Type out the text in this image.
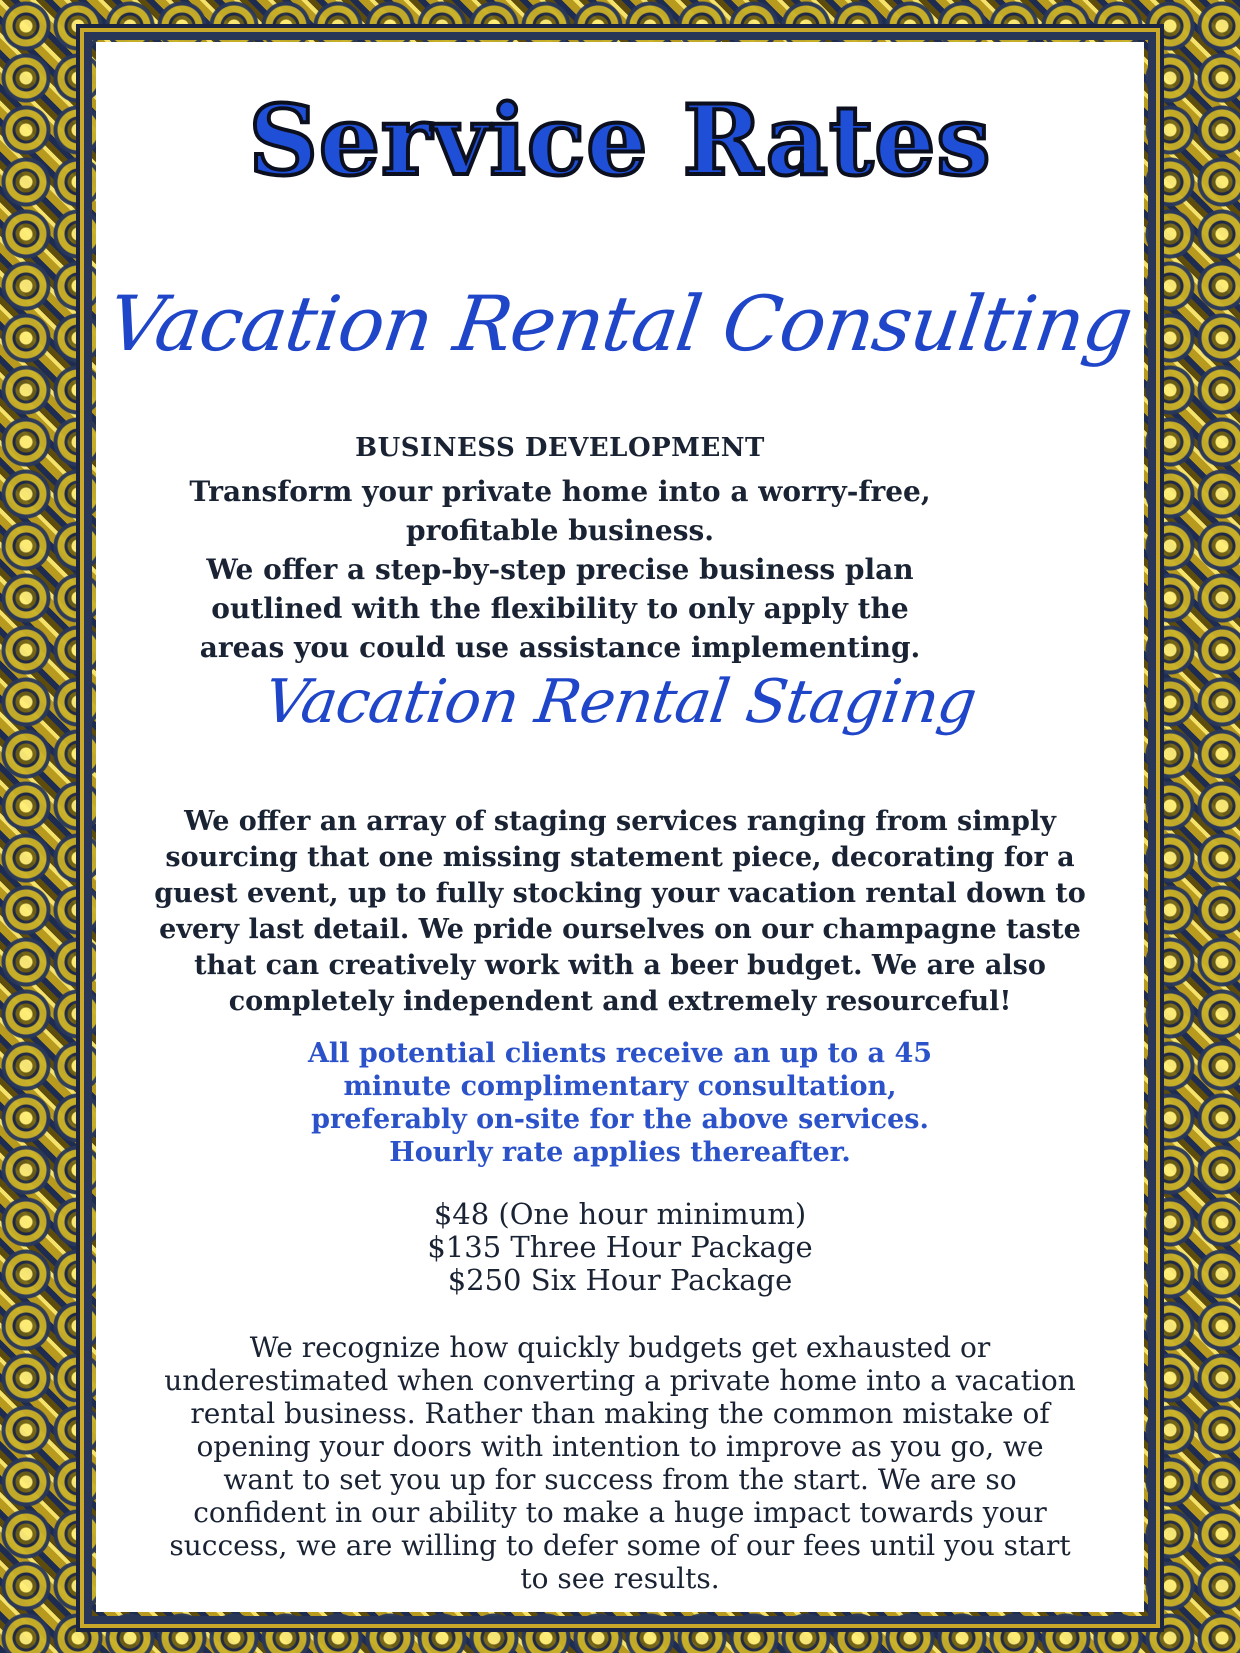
Service Rates
Vacation Rental Consulting
BUSINESS DEVELOPMENT
Transform your private home into a worry-free,
profitable business.
We offer a step-by-step precise business plan
outlined with the flexibility to only apply the
areas you could use assistance implementing.
Vacation Rental Staging
We offer an array of staging services ranging from simply
sourcing that one missing statement piece, decorating for a
guest event, up to fully stocking your vacation rental down to
every last detail. We pride ourselves on our champagne taste
that can creatively work with a beer budget. We are also
completely independent and extremely resourceful!
All potential clients receive an up to a 45
minute complimentary consultation,
preferably on-site for the above services.
Hourly rate applies thereafter.
$48 (One hour minimum)
$135 Three Hour Package
$250 Six Hour Package
We recognize how quickly budgets get exhausted or
underestimated when converting a private home into a vacation
rental business. Rather than making the common mistake of
opening your doors with intention to improve as you go, we
want to set you up for success from the start. We are so
confident in our ability to make a huge impact towards your
success, we are willing to defer some of our fees until you start
to see results.
